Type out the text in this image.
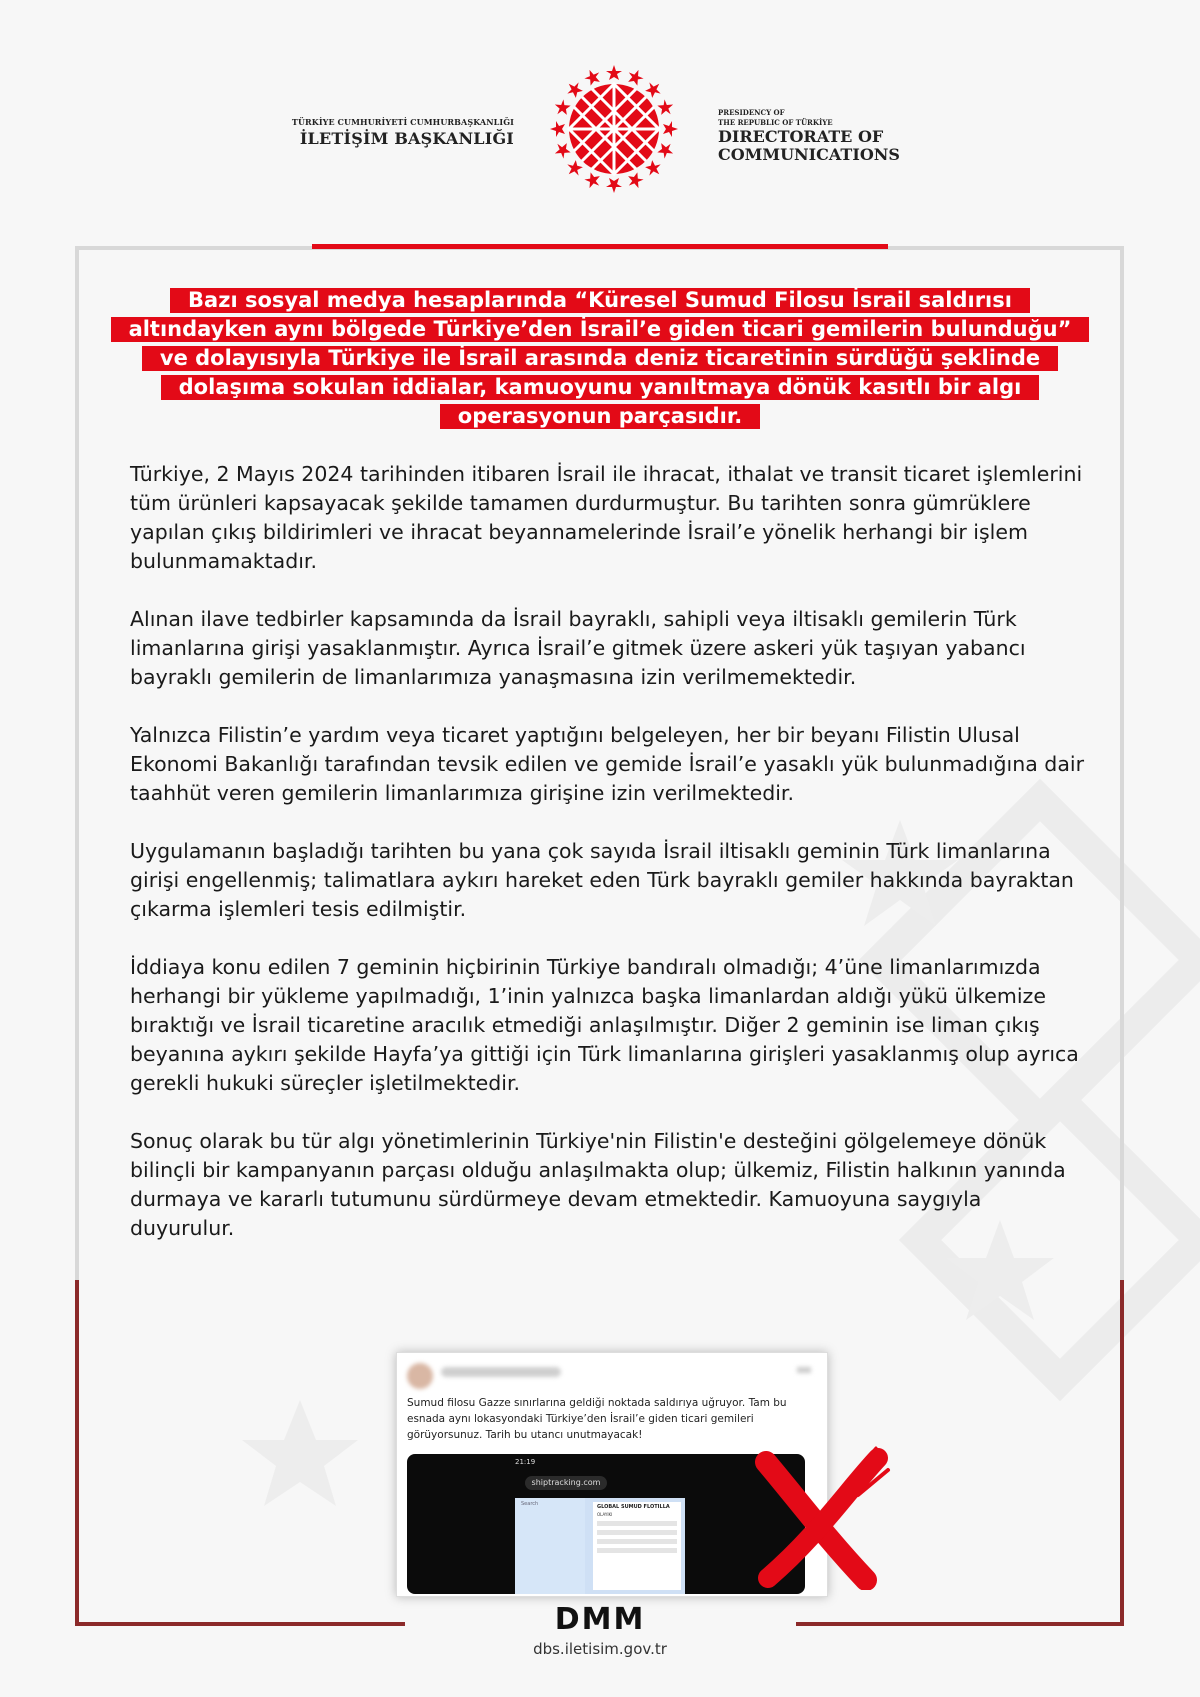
TÜRKİYE CUMHURİYETİ CUMHURBAŞKANLIĞI
İLETİŞİM BAŞKANLIĞI
PRESIDENCY OF
THE REPUBLIC OF TÜRKİYE
DIRECTORATE OF
COMMUNICATIONS
Bazı sosyal medya hesaplarında “Küresel Sumud Filosu İsrail saldırısı
altındayken aynı bölgede Türkiye’den İsrail’e giden ticari gemilerin bulunduğu”
ve dolayısıyla Türkiye ile İsrail arasında deniz ticaretinin sürdüğü şeklinde
dolaşıma sokulan iddialar, kamuoyunu yanıltmaya dönük kasıtlı bir algı
operasyonun parçasıdır.

Türkiye, 2 Mayıs 2024 tarihinden itibaren İsrail ile ihracat, ithalat ve transit ticaret işlemlerini tüm ürünleri kapsayacak şekilde tamamen durdurmuştur. Bu tarihten sonra gümrüklere yapılan çıkış bildirimleri ve ihracat beyannamelerinde İsrail’e yönelik herhangi bir işlem bulunmamaktadır.

Alınan ilave tedbirler kapsamında da İsrail bayraklı, sahipli veya iltisaklı gemilerin Türk limanlarına girişi yasaklanmıştır. Ayrıca İsrail’e gitmek üzere askeri yük taşıyan yabancı bayraklı gemilerin de limanlarımıza yanaşmasına izin verilmemektedir.

Yalnızca Filistin’e yardım veya ticaret yaptığını belgeleyen, her bir beyanı Filistin Ulusal Ekonomi Bakanlığı tarafından tevsik edilen ve gemide İsrail’e yasaklı yük bulunmadığına dair taahhüt veren gemilerin limanlarımıza girişine izin verilmektedir.

Uygulamanın başladığı tarihten bu yana çok sayıda İsrail iltisaklı geminin Türk limanlarına girişi engellenmiş; talimatlara aykırı hareket eden Türk bayraklı gemiler hakkında bayraktan çıkarma işlemleri tesis edilmiştir.

İddiaya konu edilen 7 geminin hiçbirinin Türkiye bandıralı olmadığı; 4’üne limanlarımızda herhangi bir yükleme yapılmadığı, 1’inin yalnızca başka limanlardan aldığı yükü ülkemize bıraktığı ve İsrail ticaretine aracılık etmediği anlaşılmıştır. Diğer 2 geminin ise liman çıkış beyanına aykırı şekilde Hayfa’ya gittiği için Türk limanlarına girişleri yasaklanmış olup ayrıca gerekli hukuki süreçler işletilmektedir.

Sonuç olarak bu tür algı yönetimlerinin Türkiye'nin Filistin'e desteğini gölgelemeye dönük bilinçli bir kampanyanın parçası olduğu anlaşılmakta olup; ülkemiz, Filistin halkının yanında durmaya ve kararlı tutumunu sürdürmeye devam etmektedir. Kamuoyuna saygıyla duyurulur.

Sumud filosu Gazze sınırlarına geldiği noktada saldırıya uğruyor. Tam bu esnada aynı lokasyondaki Türkiye’den İsrail’e giden ticari gemileri görüyorsunuz. Tarih bu utancı unutmayacak!
21:19
shiptracking.com
Search	GLOBAL SUMUD FLOTILLA
OLAYIKI
DMM
dbs.iletisim.gov.tr
